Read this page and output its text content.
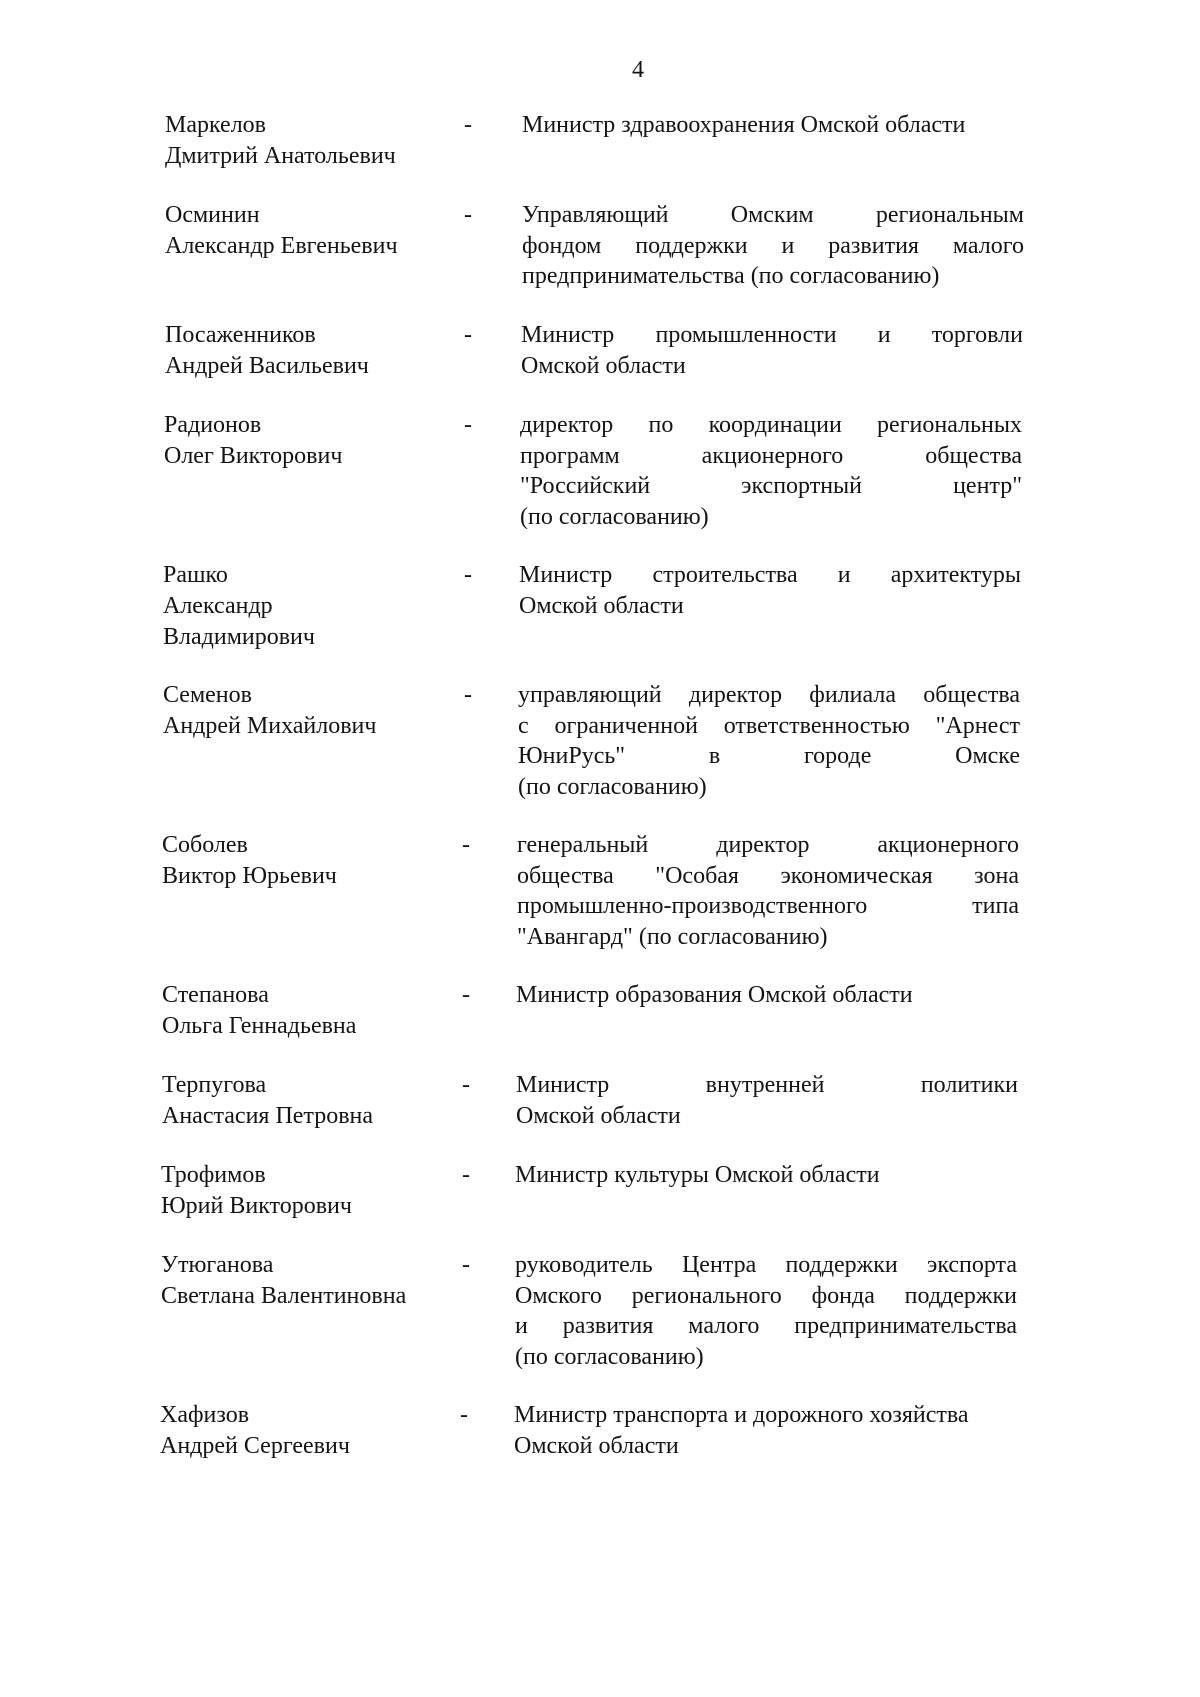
4
Маркелов
Дмитрий Анатольевич
- Министр здравоохранения Омской области
Осминин
Александр Евгеньевич
- Управляющий Омским региональным
фондом поддержки и развития малого
предпринимательства (по согласованию)
Посаженников
Андрей Васильевич
- Министр промышленности и торговли
Омской области
Радионов
Олег Викторович
- директор по координации региональных
программ акционерного общества
"Российский экспортный центр"
(по согласованию)
Рашко
Александр
Владимирович
- Министр строительства и архитектуры
Омской области
Семенов
Андрей Михайлович
- управляющий директор филиала общества
с ограниченной ответственностью "Арнест
ЮниРусь" в городе Омске
(по согласованию)
Соболев
Виктор Юрьевич
- генеральный директор акционерного
общества "Особая экономическая зона
промышленно-производственного типа
"Авангард" (по согласованию)
Степанова
Ольга Геннадьевна
- Министр образования Омской области
Терпугова
Анастасия Петровна
- Министр внутренней политики
Омской области
Трофимов
Юрий Викторович
- Министр культуры Омской области
Утюганова
Светлана Валентиновна
- руководитель Центра поддержки экспорта
Омского регионального фонда поддержки
и развития малого предпринимательства
(по согласованию)
Хафизов
Андрей Сергеевич
- Министр транспорта и дорожного хозяйства
Омской области
